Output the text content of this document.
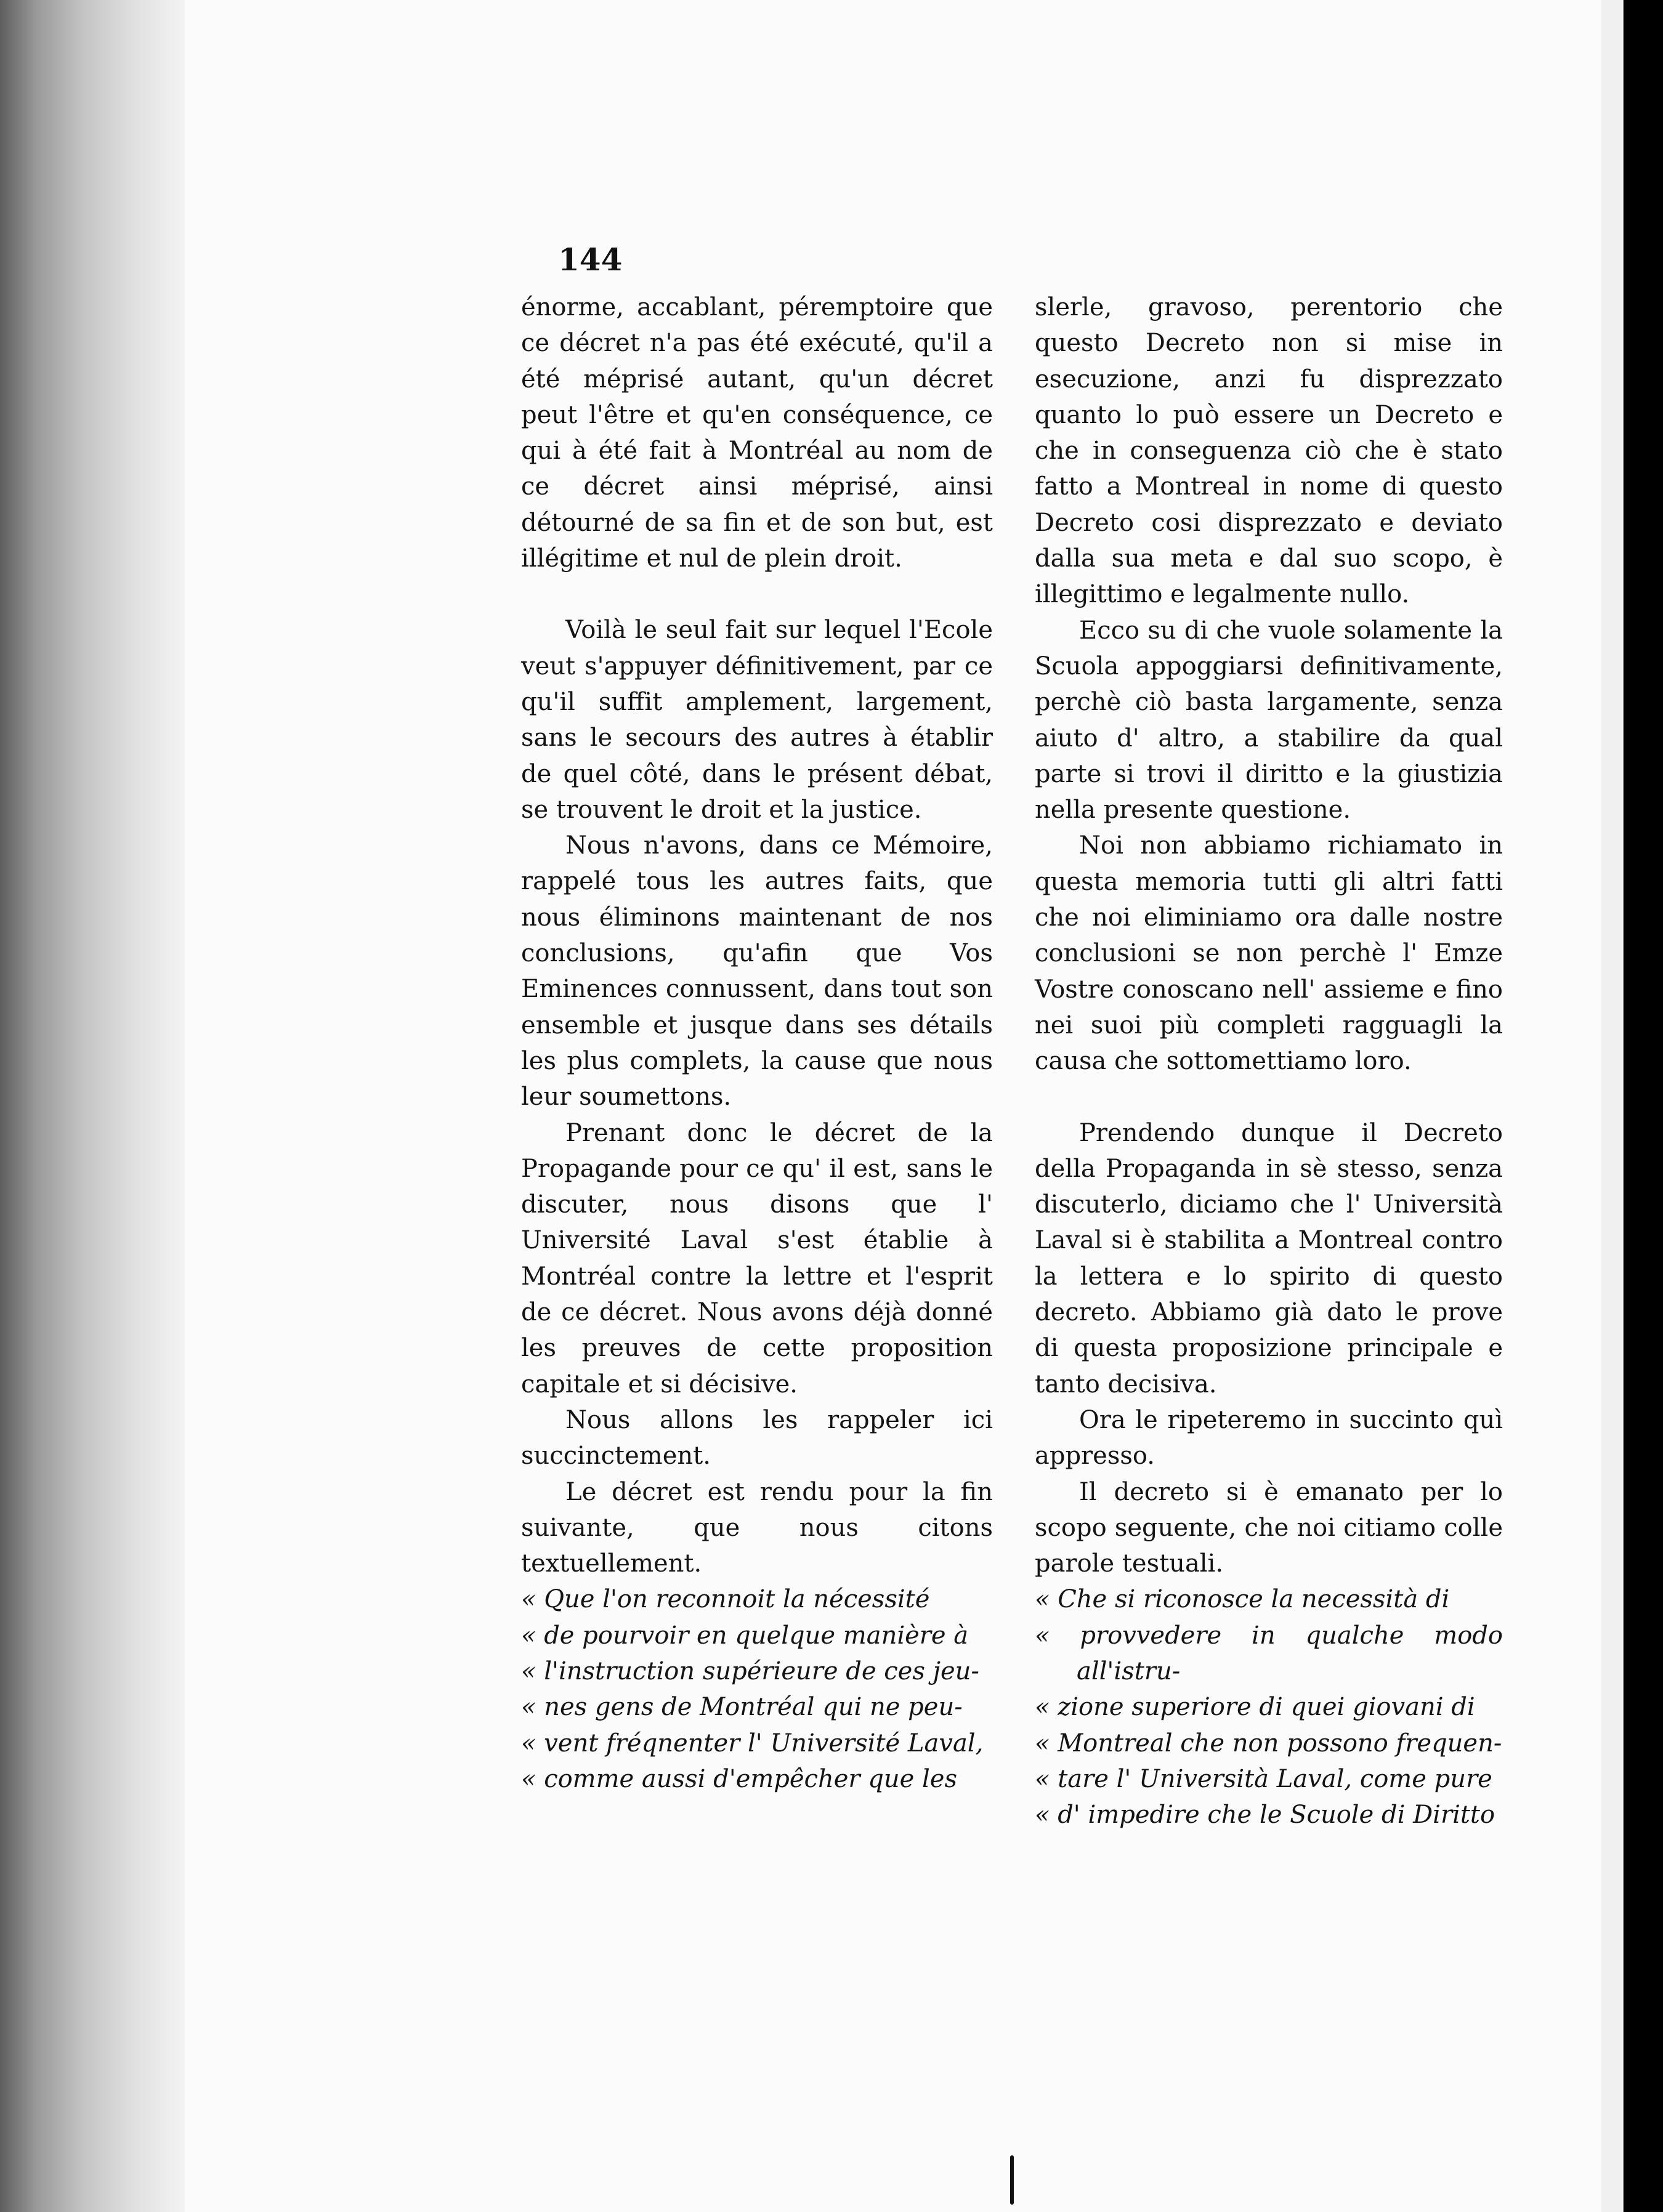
144

énorme, accablant, péremptoire que ce décret n'a pas été exécuté, qu'il a été méprisé autant, qu'un décret peut l'être et qu'en conséquence, ce qui à été fait à Montréal au nom de ce décret ainsi méprisé, ainsi détourné de sa fin et de son but, est illégitime et nul de plein droit.

Voilà le seul fait sur lequel l'Ecole veut s'appuyer définitivement, par ce qu'il suffit amplement, largement, sans le secours des autres à établir de quel côté, dans le présent débat, se trouvent le droit et la justice.

Nous n'avons, dans ce Mémoire, rappelé tous les autres faits, que nous éliminons maintenant de nos conclusions, qu'afin que Vos Eminences connussent, dans tout son ensemble et jusque dans ses détails les plus complets, la cause que nous leur soumettons.

Prenant donc le décret de la Propagande pour ce qu' il est, sans le discuter, nous disons que l' Université Laval s'est établie à Montréal contre la lettre et l'esprit de ce décret. Nous avons déjà donné les preuves de cette proposition capitale et si décisive.

Nous allons les rappeler ici succinctement.

Le décret est rendu pour la fin suivante, que nous citons textuellement.

« Que l'on reconnoit la nécessité
« de pourvoir en quelque manière à
« l'instruction supérieure de ces jeu-
« nes gens de Montréal qui ne peu-
« vent fréqnenter l' Université Laval,
« comme aussi d'empêcher que les

slerle, gravoso, perentorio che questo Decreto non si mise in esecuzione, anzi fu disprezzato quanto lo può essere un Decreto e che in conseguenza ciò che è stato fatto a Montreal in nome di questo Decreto cosi disprezzato e deviato dalla sua meta e dal suo scopo, è illegittimo e legalmente nullo.

Ecco su di che vuole solamente la Scuola appoggiarsi definitivamente, perchè ciò basta largamente, senza aiuto d' altro, a stabilire da qual parte si trovi il diritto e la giustizia nella presente questione.

Noi non abbiamo richiamato in questa memoria tutti gli altri fatti che noi eliminiamo ora dalle nostre conclusioni se non perchè l' Emze Vostre conoscano nell' assieme e fino nei suoi più completi ragguagli la causa che sottomettiamo loro.

Prendendo dunque il Decreto della Propaganda in sè stesso, senza discuterlo, diciamo che l' Università Laval si è stabilita a Montreal contro la lettera e lo spirito di questo decreto. Abbiamo già dato le prove di questa proposizione principale e tanto decisiva.

Ora le ripeteremo in succinto quì appresso.

Il decreto si è emanato per lo scopo seguente, che noi citiamo colle parole testuali.

« Che si riconosce la necessità di
« provvedere in qualche modo all'istru-
« zione superiore di quei giovani di
« Montreal che non possono frequen-
« tare l' Università Laval, come pure
« d' impedire che le Scuole di Diritto
